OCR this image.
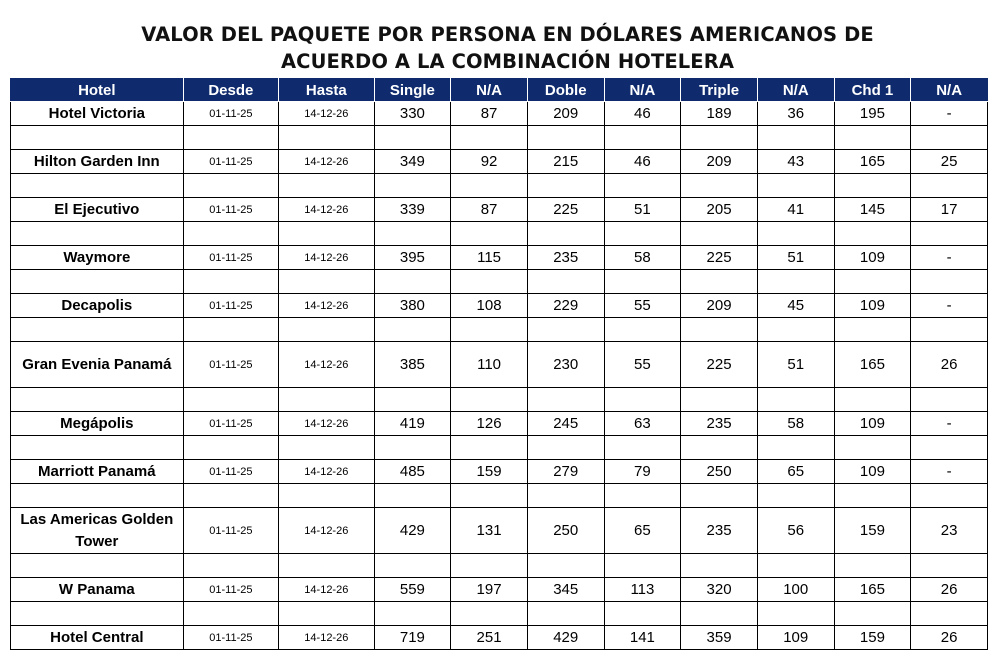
VALOR DEL PAQUETE POR PERSONA EN DÓLARES AMERICANOS DE
ACUERDO A LA COMBINACIÓN HOTELERA
Hotel	Desde	Hasta	Single	N/A	Doble	N/A	Triple	N/A	Chd 1	N/A
Hotel Victoria	01-11-25	14-12-26	330	87	209	46	189	36	195	-

Hilton Garden Inn	01-11-25	14-12-26	349	92	215	46	209	43	165	25

El Ejecutivo	01-11-25	14-12-26	339	87	225	51	205	41	145	17

Waymore	01-11-25	14-12-26	395	115	235	58	225	51	109	-

Decapolis	01-11-25	14-12-26	380	108	229	55	209	45	109	-

Gran Evenia Panamá	01-11-25	14-12-26	385	110	230	55	225	51	165	26

Megápolis	01-11-25	14-12-26	419	126	245	63	235	58	109	-

Marriott Panamá	01-11-25	14-12-26	485	159	279	79	250	65	109	-

Las Americas Golden Tower	01-11-25	14-12-26	429	131	250	65	235	56	159	23

W Panama	01-11-25	14-12-26	559	197	345	113	320	100	165	26

Hotel Central	01-11-25	14-12-26	719	251	429	141	359	109	159	26
